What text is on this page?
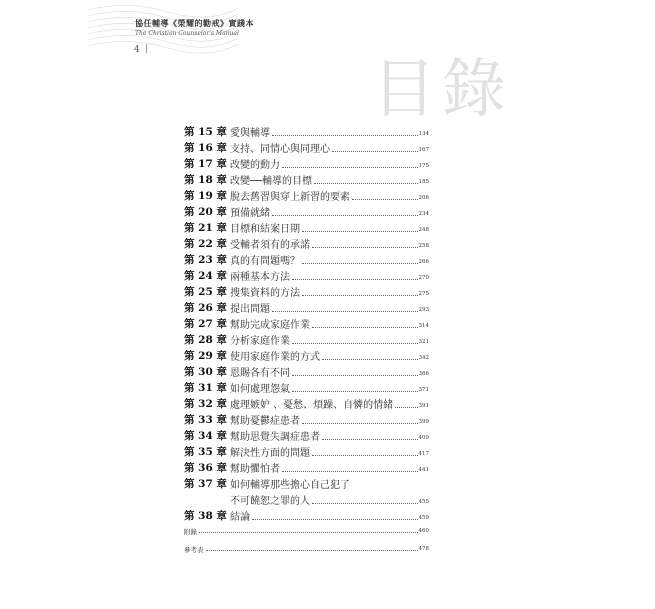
協任輔導《榮耀的勸戒》實踐本
The Christian Counselor's Manual
4
目錄
第 15 章 愛與輔導	134
第 16 章 支持、同情心與同理心	167
第 17 章 改變的動力	175
第 18 章 改變──輔導的目標	185
第 19 章 脫去舊習與穿上新習的要素	206
第 20 章 預備就緒	234
第 21 章 目標和結案日期	248
第 22 章 受輔者須有的承諾	258
第 23 章 真的有問題嗎？	266
第 24 章 兩種基本方法	270
第 25 章 搜集資料的方法	275
第 26 章 提出問題	293
第 27 章 幫助完成家庭作業	314
第 28 章 分析家庭作業	321
第 29 章 使用家庭作業的方式	342
第 30 章 恩賜各有不同	366
第 31 章 如何處理怨氣	371
第 32 章 處理嫉妒 、憂愁、煩躁、自憐的情緒	391
第 33 章 幫助憂鬱症患者	399
第 34 章 幫助思覺失調症患者	409
第 35 章 解決性方面的問題	417
第 36 章 幫助懼怕者	441
第 37 章 如何輔導那些擔心自己犯了
不可饒恕之罪的人	455
第 38 章 結論	459
附錄	460
參考表	478
